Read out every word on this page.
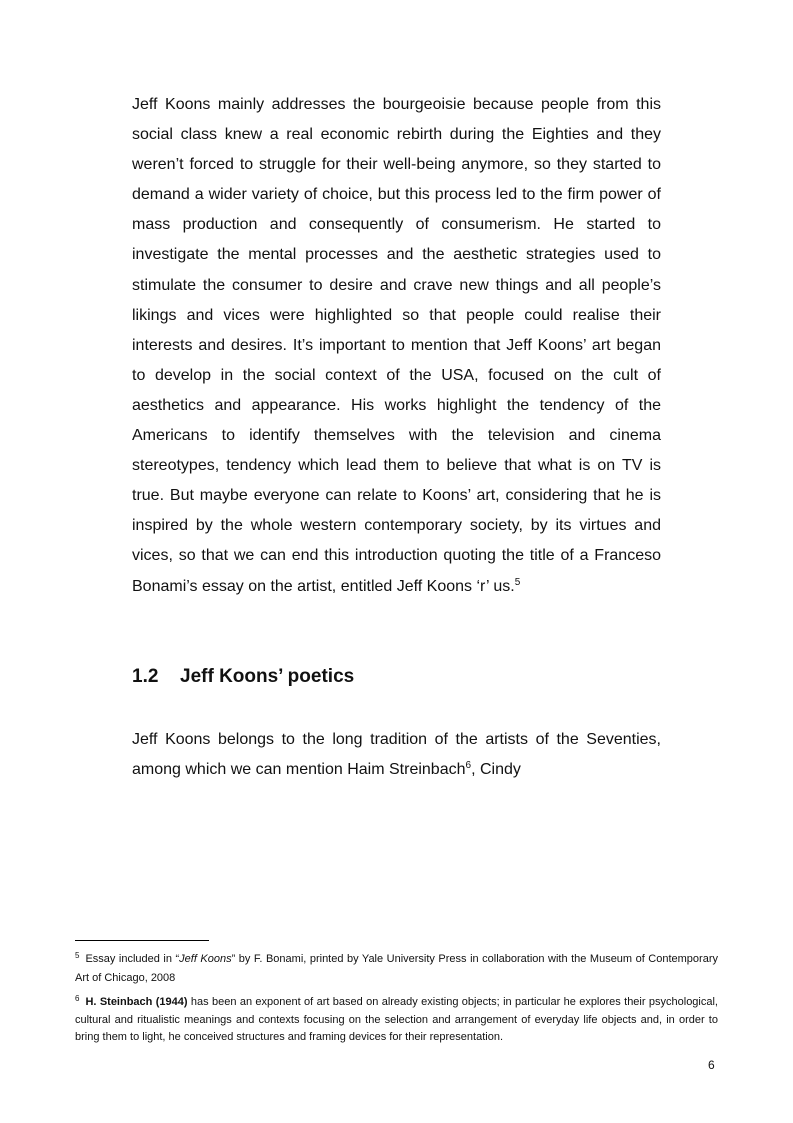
Jeff Koons mainly addresses the bourgeoisie because people from this social class knew a real economic rebirth during the Eighties and they weren’t forced to struggle for their well-being anymore, so they started to demand a wider variety of choice, but this process led to the firm power of mass production and consequently of consumerism. He started to investigate the mental processes and the aesthetic strategies used to stimulate the consumer to desire and crave new things and all people’s likings and vices were highlighted so that people could realise their interests and desires. It’s important to mention that Jeff Koons’ art began to develop in the social context of the USA, focused on the cult of aesthetics and appearance. His works highlight the tendency of the Americans to identify themselves with the television and cinema stereotypes, tendency which lead them to believe that what is on TV is true. But maybe everyone can relate to Koons’ art, considering that he is inspired by the whole western contemporary society, by its virtues and vices, so that we can end this introduction quoting the title of a Franceso Bonami’s essay on the artist, entitled Jeff Koons ‘r’ us.$^5$

1.2 Jeff Koons’ poetics

Jeff Koons belongs to the long tradition of the artists of the Seventies, among which we can mention Haim Streinbach$^6$, Cindy

$^5$ Essay included in “Jeff Koons” by F. Bonami, printed by Yale University Press in collaboration with the Museum of Contemporary Art of Chicago, 2008

$^6$ H. Steinbach (1944) has been an exponent of art based on already existing objects; in particular he explores their psychological, cultural and ritualistic meanings and contexts focusing on the selection and arrangement of everyday life objects and, in order to bring them to light, he conceived structures and framing devices for their representation.

6
